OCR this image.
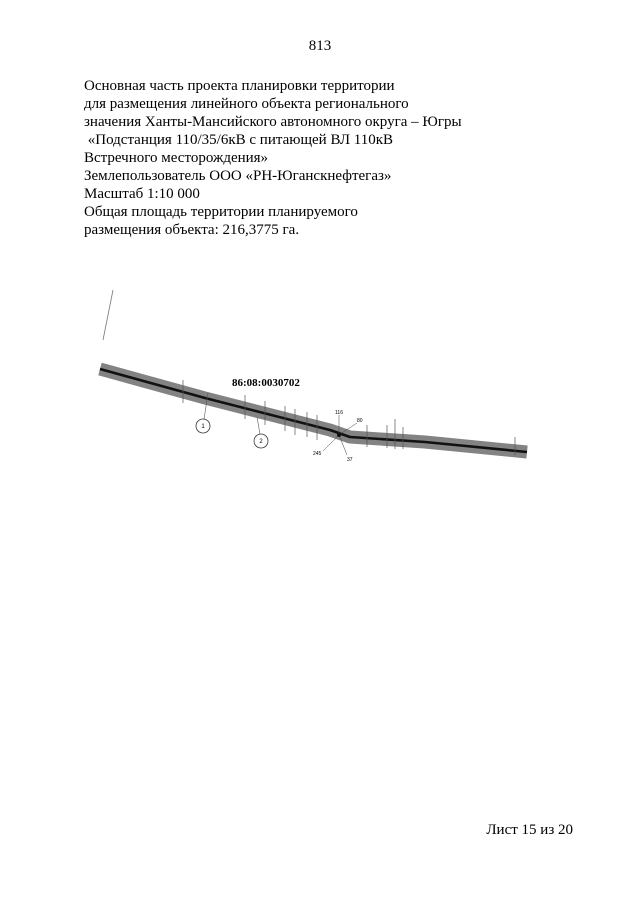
813
Основная часть проекта планировки территории
для размещения линейного объекта регионального
значения Ханты-Мансийского автономного округа – Югры
«Подстанция 110/35/6кВ с питающей ВЛ 110кВ
Встречного месторождения»
Землепользователь ООО «РН-Юганскнефтегаз»
Масштаб 1:10 000
Общая площадь территории планируемого
размещения объекта: 216,3775 га.
1
2
116
80
245
37
86:08:0030702
Лист 15 из 20
